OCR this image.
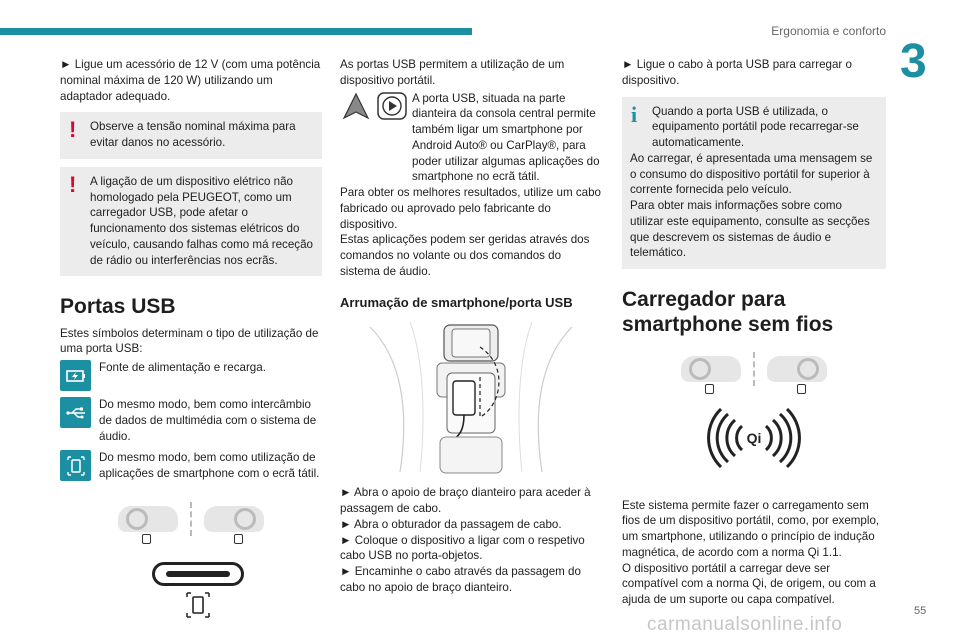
Ergonomia e conforto
3

► Ligue um acessório de 12 V (com uma potência nominal máxima de 120 W) utilizando um adaptador adequado.

! Observe a tensão nominal máxima para evitar danos no acessório.

! A ligação de um dispositivo elétrico não homologado pela PEUGEOT, como um carregador USB, pode afetar o funcionamento dos sistemas elétricos do veículo, causando falhas como má receção de rádio ou interferências nos ecrãs.

Portas USB

Estes símbolos determinam o tipo de utilização de uma porta USB:

Fonte de alimentação e recarga.

Do mesmo modo, bem como intercâmbio de dados de multimédia com o sistema de áudio.

Do mesmo modo, bem como utilização de aplicações de smartphone com o ecrã tátil.

As portas USB permitem a utilização de um dispositivo portátil.

A porta USB, situada na parte dianteira da consola central permite também ligar um smartphone por Android Auto® ou CarPlay®, para poder utilizar algumas aplicações do smartphone no ecrã tátil.

Para obter os melhores resultados, utilize um cabo fabricado ou aprovado pelo fabricante do dispositivo.

Estas aplicações podem ser geridas através dos comandos no volante ou dos comandos do sistema de áudio.

Arrumação de smartphone/porta USB

► Abra o apoio de braço dianteiro para aceder à passagem de cabo.

► Abra o obturador da passagem de cabo.

► Coloque o dispositivo a ligar com o respetivo cabo USB no porta-objetos.

► Encaminhe o cabo através da passagem do cabo no apoio de braço dianteiro.

► Ligue o cabo à porta USB para carregar o dispositivo.

i Quando a porta USB é utilizada, o equipamento portátil pode recarregar-se automaticamente.

Ao carregar, é apresentada uma mensagem se o consumo do dispositivo portátil for superior à corrente fornecida pelo veículo.

Para obter mais informações sobre como utilizar este equipamento, consulte as secções que descrevem os sistemas de áudio e telemático.

Carregador para smartphone sem fios
Qi

Este sistema permite fazer o carregamento sem fios de um dispositivo portátil, como, por exemplo, um smartphone, utilizando o princípio de indução magnética, de acordo com a norma Qi 1.1.

O dispositivo portátil a carregar deve ser compatível com a norma Qi, de origem, ou com a ajuda de um suporte ou capa compatível.

carmanualsonline.info
55
